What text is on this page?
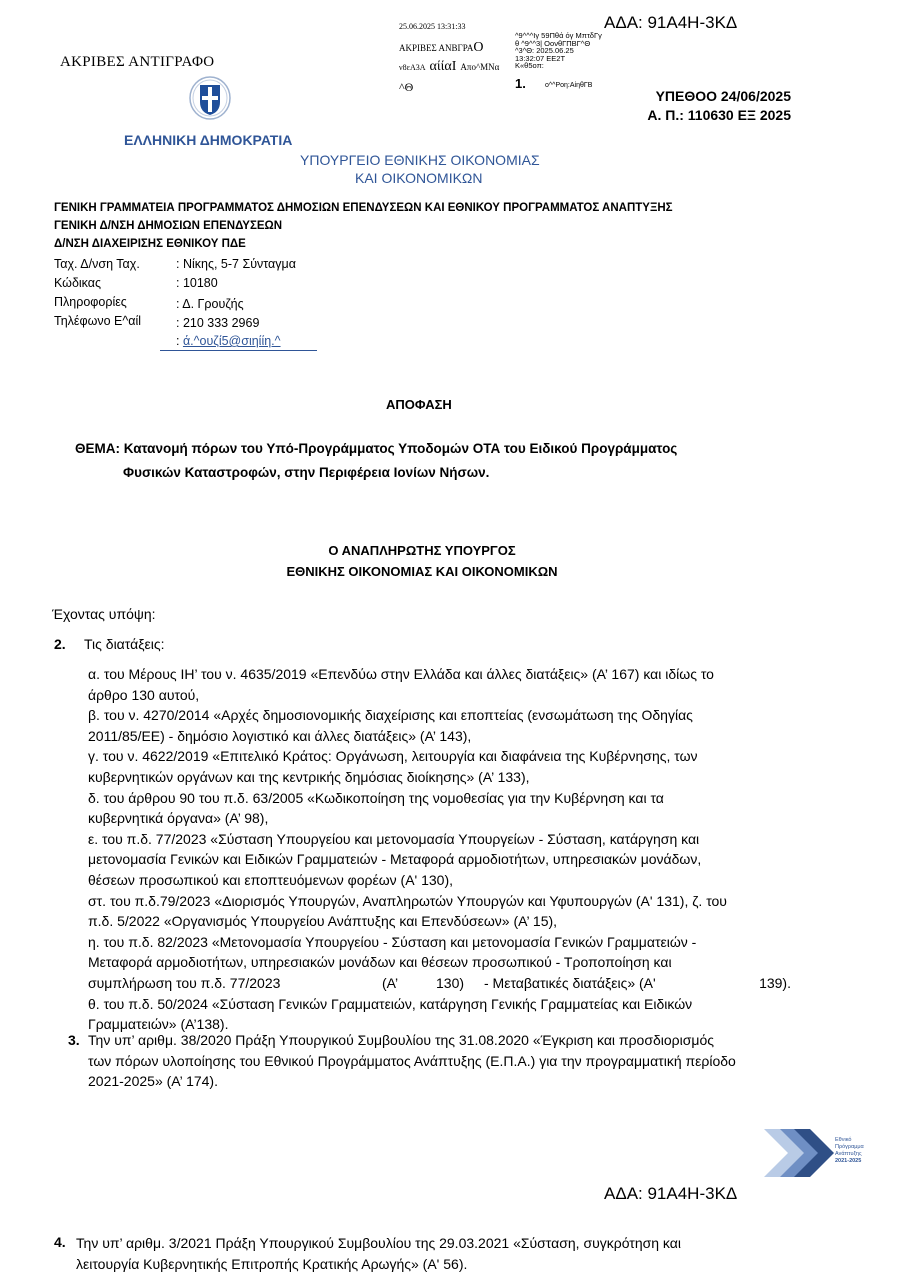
ΑΔΑ: 91Α4Η-3ΚΔ
ΑΚΡΙΒΕΣ ΑΝΤΙΓΡΑΦΟ
25.06.2025 13:31:33
ΑΚΡΙΒΕΣ ΑΝΒΓΡΑΟ
ν8εΑ3Α αίίαΙ Απο^ΜΝα
^Θ
^9^^^Ιγ 59Πθά όγ ΜπτδΓγ
θ ^9^^3| ΟονθΓΠΒΓ^Θ
^3^Θ: 2025.06.25
13:32:07 ΕΕ2Τ
Κ«θ5οπ:
1.	ο^^Ροη:ΑίηθΓΒ
ΕΛΛΗΝΙΚΗ ΔΗΜΟΚΡΑΤΙΑ
ΥΠΟΥΡΓΕΙΟ ΕΘΝΙΚΗΣ ΟΙΚΟΝΟΜΙΑΣ
ΚΑΙ ΟΙΚΟΝΟΜΙΚΩΝ
ΥΠΕΘΟΟ 24/06/2025
Α. Π.: 110630 ΕΞ 2025
ΓΕΝΙΚΗ ΓΡΑΜΜΑΤΕΙΑ ΠΡΟΓΡΑΜΜΑΤΟΣ ΔΗΜΟΣΙΩΝ ΕΠΕΝΔΥΣΕΩΝ ΚΑΙ ΕΘΝΙΚΟΥ ΠΡΟΓΡΑΜΜΑΤΟΣ ΑΝΑΠΤΥΞΗΣ
ΓΕΝΙΚΗ Δ/ΝΣΗ ΔΗΜΟΣΙΩΝ ΕΠΕΝΔΥΣΕΩΝ
Δ/ΝΣΗ ΔΙΑΧΕΙΡΙΣΗΣ ΕΘΝΙΚΟΥ ΠΔΕ
Ταχ. Δ/νση Ταχ.	: Νίκης, 5-7 Σύνταγμα
Κώδικας	: 10180
Πληροφορίες	: Δ. Γρουζής
Τηλέφωνο Ε^αίl	: 210 333 2969
: ά.^ουζί5@σιηίίη.^
ΑΠΟΦΑΣΗ
ΘΕΜΑ: Κατανομή πόρων του Υπό-Προγράμματος Υποδομών ΟΤΑ του Ειδικού Προγράμματος
Φυσικών Καταστροφών, στην Περιφέρεια Ιονίων Νήσων.
Ο ΑΝΑΠΛΗΡΩΤΗΣ ΥΠΟΥΡΓΟΣ
ΕΘΝΙΚΗΣ ΟΙΚΟΝΟΜΙΑΣ ΚΑΙ ΟΙΚΟΝΟΜΙΚΩΝ
Έχοντας υπόψη:
2. Τις διατάξεις:

α. του Μέρους ΙΗ’ του ν. 4635/2019 «Επενδύω στην Ελλάδα και άλλες διατάξεις» (Α’ 167) και ιδίως το

άρθρο 130 αυτού,

β. του ν. 4270/2014 «Αρχές δημοσιονομικής διαχείρισης και εποπτείας (ενσωμάτωση της Οδηγίας

2011/85/ΕΕ) - δημόσιο λογιστικό και άλλες διατάξεις» (Α’ 143),

γ. του ν. 4622/2019 «Επιτελικό Κράτος: Οργάνωση, λειτουργία και διαφάνεια της Κυβέρνησης, των

κυβερνητικών οργάνων και της κεντρικής δημόσιας διοίκησης» (Α’ 133),

δ. του άρθρου 90 του π.δ. 63/2005 «Κωδικοποίηση της νομοθεσίας για την Κυβέρνηση και τα

κυβερνητικά όργανα» (Α’ 98),

ε. του π.δ. 77/2023 «Σύσταση Υπουργείου και μετονομασία Υπουργείων - Σύσταση, κατάργηση και

μετονομασία Γενικών και Ειδικών Γραμματειών - Μεταφορά αρμοδιοτήτων, υπηρεσιακών μονάδων,

θέσεων προσωπικού και εποπτευόμενων φορέων (Α' 130),

στ. του π.δ.79/2023 «Διορισμός Υπουργών, Αναπληρωτών Υπουργών και Υφυπουργών (Α' 131), ζ. του

π.δ. 5/2022 «Οργανισμός Υπουργείου Ανάπτυξης και Επενδύσεων» (Α’ 15),

η. του π.δ. 82/2023 «Μετονομασία Υπουργείου - Σύσταση και μετονομασία Γενικών Γραμματειών -

Μεταφορά αρμοδιοτήτων, υπηρεσιακών μονάδων και θέσεων προσωπικού - Τροποποίηση και

συμπλήρωση του π.δ. 77/2023	(Α’	130) - Μεταβατικές διατάξεις» (Α'	139).

θ. του π.δ. 50/2024 «Σύσταση Γενικών Γραμματειών, κατάργηση Γενικής Γραμματείας και Ειδικών

Γραμματειών» (Α’138).

3. Την υπ’ αριθμ. 38/2020 Πράξη Υπουργικού Συμβουλίου της 31.08.2020 «Έγκριση και προσδιορισμός

των πόρων υλοποίησης του Εθνικού Προγράμματος Ανάπτυξης (Ε.Π.Α.) για την προγραμματική περίοδο

2021-2025» (Α’ 174).

Εθνικό
Πρόγραμμα
Ανάπτυξης
2021-2025
ΑΔΑ: 91Α4Η-3ΚΔ
4. Την υπ’ αριθμ. 3/2021 Πράξη Υπουργικού Συμβουλίου της 29.03.2021 «Σύσταση, συγκρότηση και

λειτουργία Κυβερνητικής Επιτροπής Κρατικής Αρωγής» (Α' 56).
